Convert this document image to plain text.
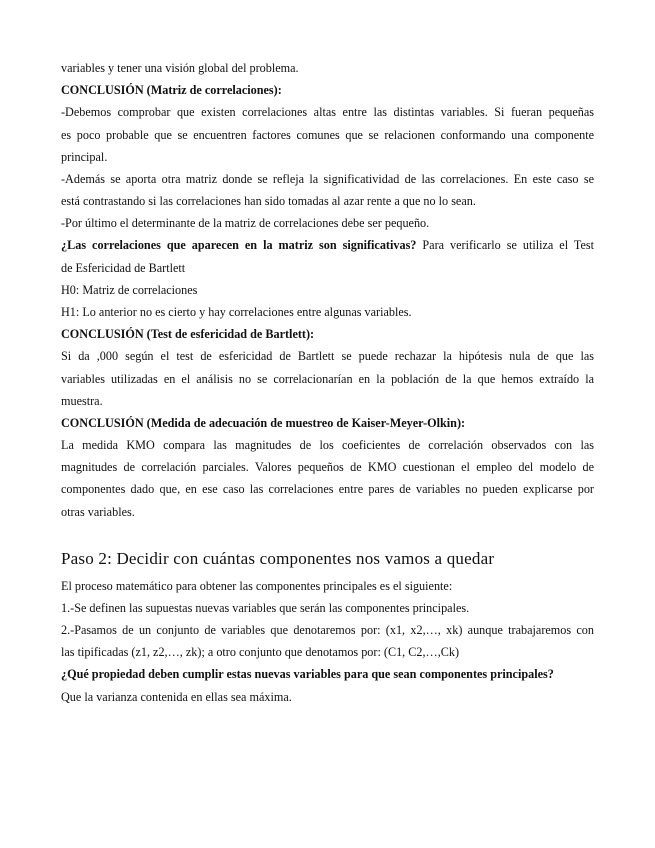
variables y tener una visión global del problema.
CONCLUSIÓN (Matriz de correlaciones):
-Debemos comprobar que existen correlaciones altas entre las distintas variables. Si fueran pequeñas
es poco probable que se encuentren factores comunes que se relacionen conformando una componente
principal.
-Además se aporta otra matriz donde se refleja la significatividad de las correlaciones. En este caso se
está contrastando si las correlaciones han sido tomadas al azar rente a que no lo sean.
-Por último el determinante de la matriz de correlaciones debe ser pequeño.
¿Las correlaciones que aparecen en la matriz son significativas? Para verificarlo se utiliza el Test
de Esfericidad de Bartlett
H0: Matriz de correlaciones
H1: Lo anterior no es cierto y hay correlaciones entre algunas variables.
CONCLUSIÓN (Test de esfericidad de Bartlett):
Si da ,000 según el test de esfericidad de Bartlett se puede rechazar la hipótesis nula de que las
variables utilizadas en el análisis no se correlacionarían en la población de la que hemos extraído la
muestra.
CONCLUSIÓN (Medida de adecuación de muestreo de Kaiser-Meyer-Olkin):
La medida KMO compara las magnitudes de los coeficientes de correlación observados con las
magnitudes de correlación parciales. Valores pequeños de KMO cuestionan el empleo del modelo de
componentes dado que, en ese caso las correlaciones entre pares de variables no pueden explicarse por
otras variables.
Paso 2: Decidir con cuántas componentes nos vamos a quedar
El proceso matemático para obtener las componentes principales es el siguiente:
1.-Se definen las supuestas nuevas variables que serán las componentes principales.
2.-Pasamos de un conjunto de variables que denotaremos por: (x1, x2,…, xk) aunque trabajaremos con
las tipificadas (z1, z2,…, zk); a otro conjunto que denotamos por: (C1, C2,…,Ck)
¿Qué propiedad deben cumplir estas nuevas variables para que sean componentes principales?
Que la varianza contenida en ellas sea máxima.
